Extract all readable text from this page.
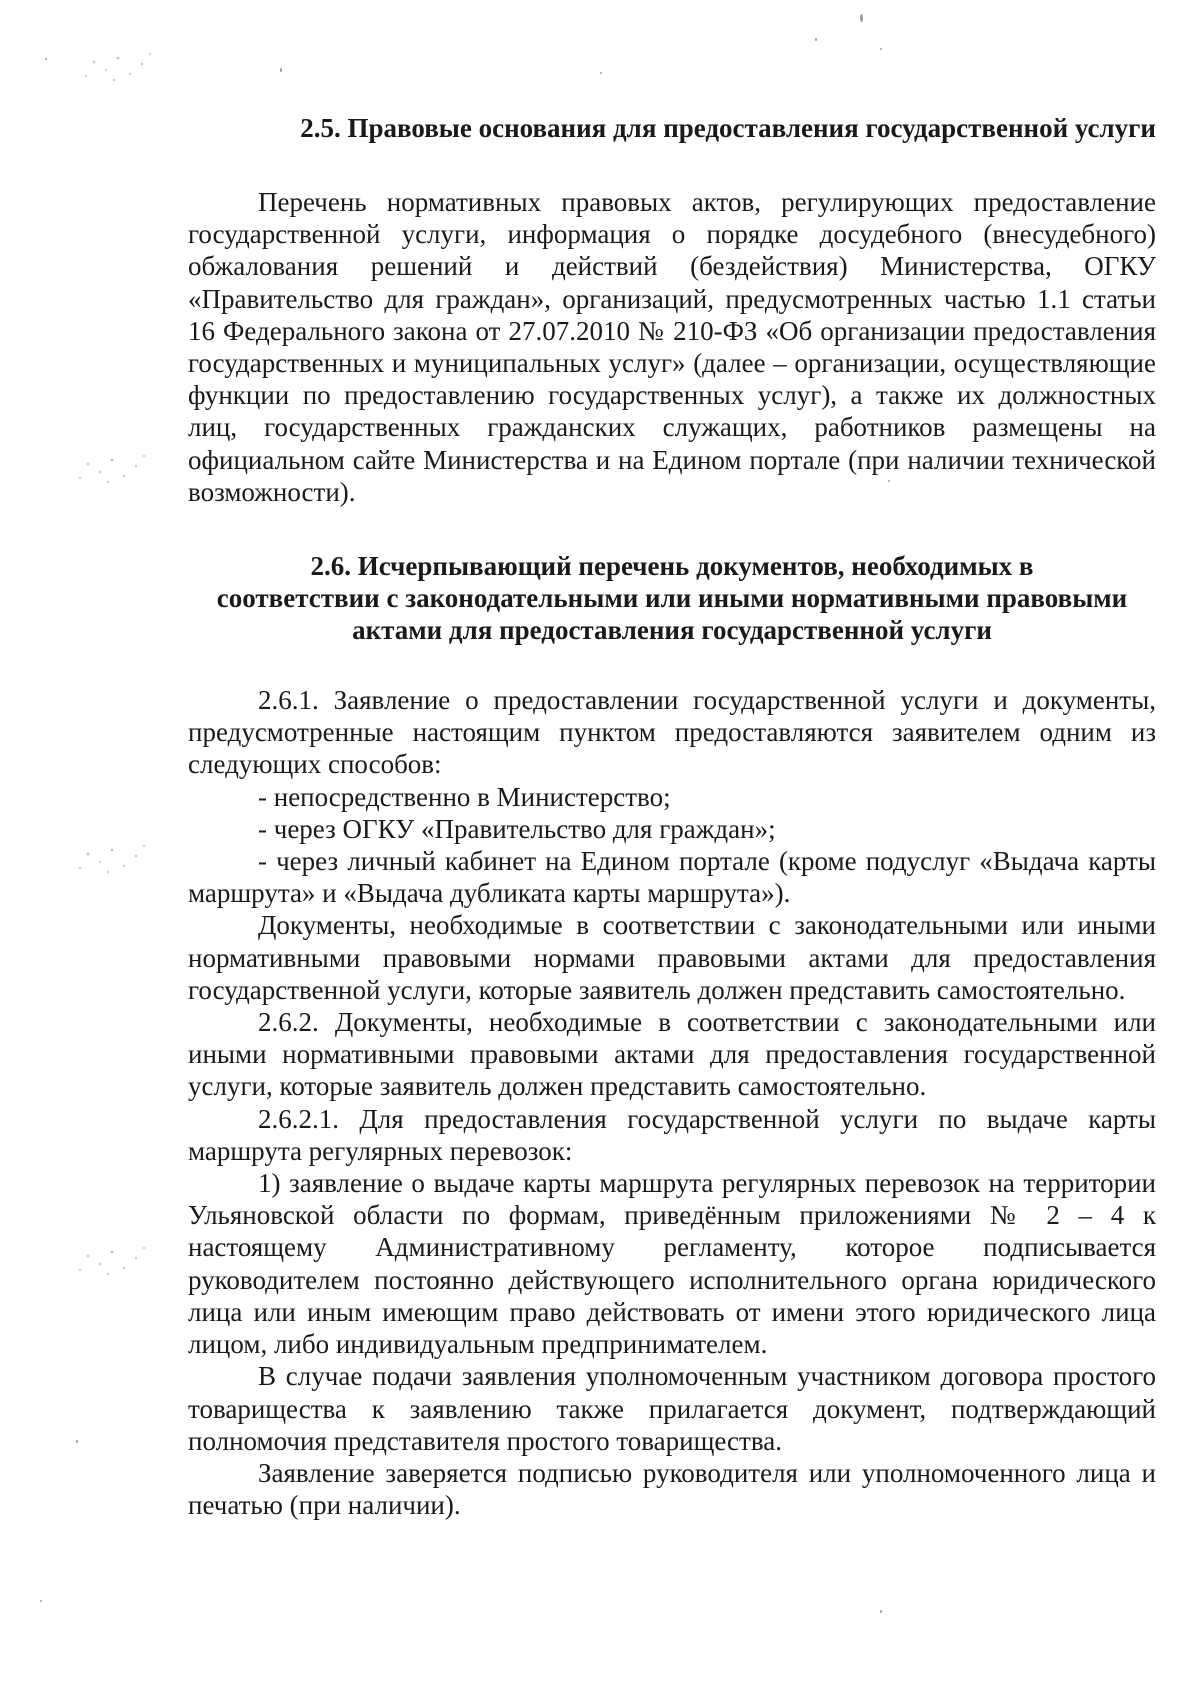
2.5. Правовые основания для предоставления государственной услуги

Перечень нормативных правовых актов, регулирующих предоставление государственной услуги, информация о порядке досудебного (внесудебного) обжалования решений и действий (бездействия) Министерства, ОГКУ «Правительство для граждан», организаций, предусмотренных частью 1.1 статьи 16 Федерального закона от 27.07.2010 № 210-ФЗ «Об организации предоставления государственных и муниципальных услуг» (далее – организации, осуществляющие функции по предоставлению государственных услуг), а также их должностных лиц, государственных гражданских служащих, работников размещены на официальном сайте Министерства и на Едином портале (при наличии технической возможности).

2.6. Исчерпывающий перечень документов, необходимых в
соответствии с законодательными или иными нормативными правовыми
актами для предоставления государственной услуги

2.6.1. Заявление о предоставлении государственной услуги и документы, предусмотренные настоящим пунктом предоставляются заявителем одним из следующих способов:

- непосредственно в Министерство;

- через ОГКУ «Правительство для граждан»;

- через личный кабинет на Едином портале (кроме подуслуг «Выдача карты маршрута» и «Выдача дубликата карты маршрута»).

Документы, необходимые в соответствии с законодательными или иными нормативными правовыми нормами правовыми актами для предоставления государственной услуги, которые заявитель должен представить самостоятельно.

2.6.2. Документы, необходимые в соответствии с законодательными или иными нормативными правовыми актами для предоставления государственной услуги, которые заявитель должен представить самостоятельно.

2.6.2.1. Для предоставления государственной услуги по выдаче карты маршрута регулярных перевозок:

1) заявление о выдаче карты маршрута регулярных перевозок на территории Ульяновской области по формам, приведённым приложениями № 2 – 4 к настоящему Административному регламенту, которое подписывается руководителем постоянно действующего исполнительного органа юридического лица или иным имеющим право действовать от имени этого юридического лица лицом, либо индивидуальным предпринимателем.

В случае подачи заявления уполномоченным участником договора простого товарищества к заявлению также прилагается документ, подтверждающий полномочия представителя простого товарищества.

Заявление заверяется подписью руководителя или уполномоченного лица и печатью (при наличии).
